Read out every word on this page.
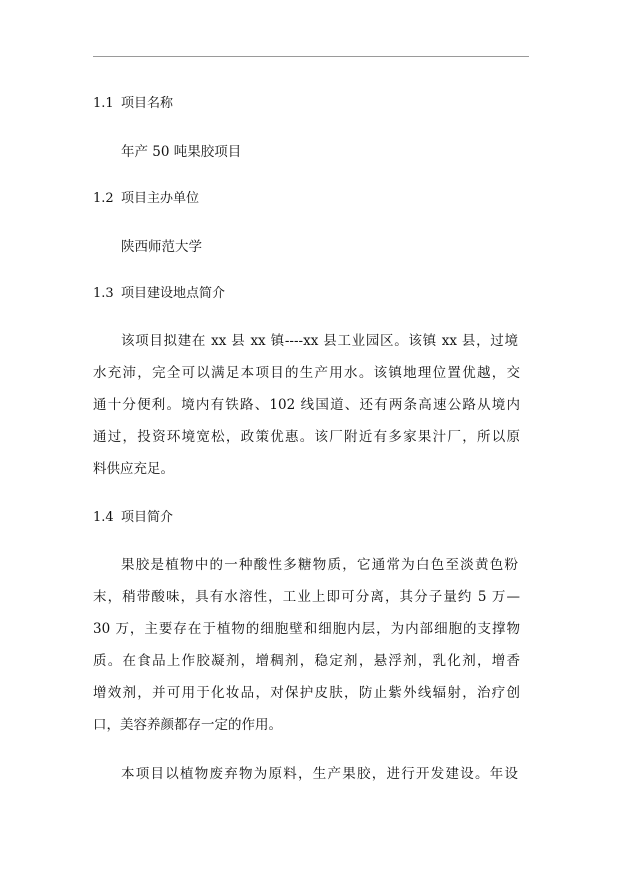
1.1 项目名称
年产 50 吨果胶项目
1.2 项目主办单位
陕西师范大学
1.3 项目建设地点简介
该项目拟建在 xx 县 xx 镇----xx 县工业园区。该镇 xx 县，过境
水充沛，完全可以满足本项目的生产用水。该镇地理位置优越，交
通十分便利。境内有铁路、102 线国道、还有两条高速公路从境内
通过，投资环境宽松，政策优惠。该厂附近有多家果汁厂，所以原
料供应充足。
1.4 项目简介
果胶是植物中的一种酸性多糖物质，它通常为白色至淡黄色粉
末，稍带酸味，具有水溶性，工业上即可分离，其分子量约 5 万—
30 万，主要存在于植物的细胞壁和细胞内层，为内部细胞的支撑物
质。在食品上作胶凝剂，增稠剂，稳定剂，悬浮剂，乳化剂，增香
增效剂，并可用于化妆品，对保护皮肤，防止紫外线辐射，治疗创
口，美容养颜都存一定的作用。
本项目以植物废弃物为原料，生产果胶，进行开发建设。年设
